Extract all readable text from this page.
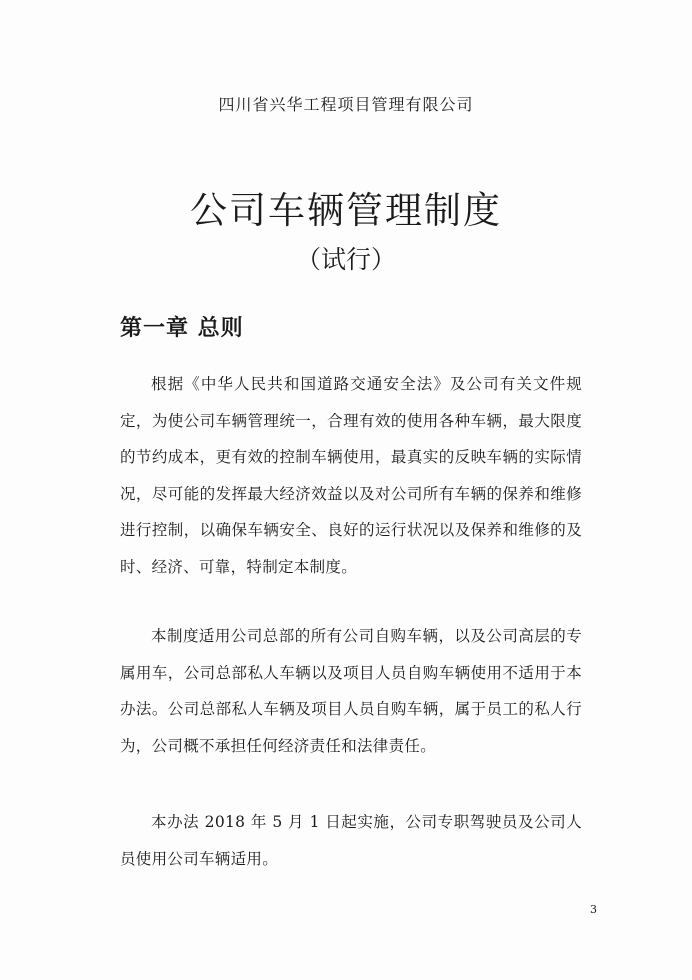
四川省兴华工程项目管理有限公司
公司车辆管理制度
（试行）
第一章 总则
根据《中华人民共和国道路交通安全法》及公司有关文件规定，为使公司车辆管理统一，合理有效的使用各种车辆，最大限度的节约成本，更有效的控制车辆使用，最真实的反映车辆的实际情况，尽可能的发挥最大经济效益以及对公司所有车辆的保养和维修进行控制，以确保车辆安全、良好的运行状况以及保养和维修的及时、经济、可靠，特制定本制度。
本制度适用公司总部的所有公司自购车辆，以及公司高层的专属用车，公司总部私人车辆以及项目人员自购车辆使用不适用于本办法。公司总部私人车辆及项目人员自购车辆，属于员工的私人行为，公司概不承担任何经济责任和法律责任。
本办法 2018 年 5 月 1 日起实施，公司专职驾驶员及公司人员使用公司车辆适用。
3
